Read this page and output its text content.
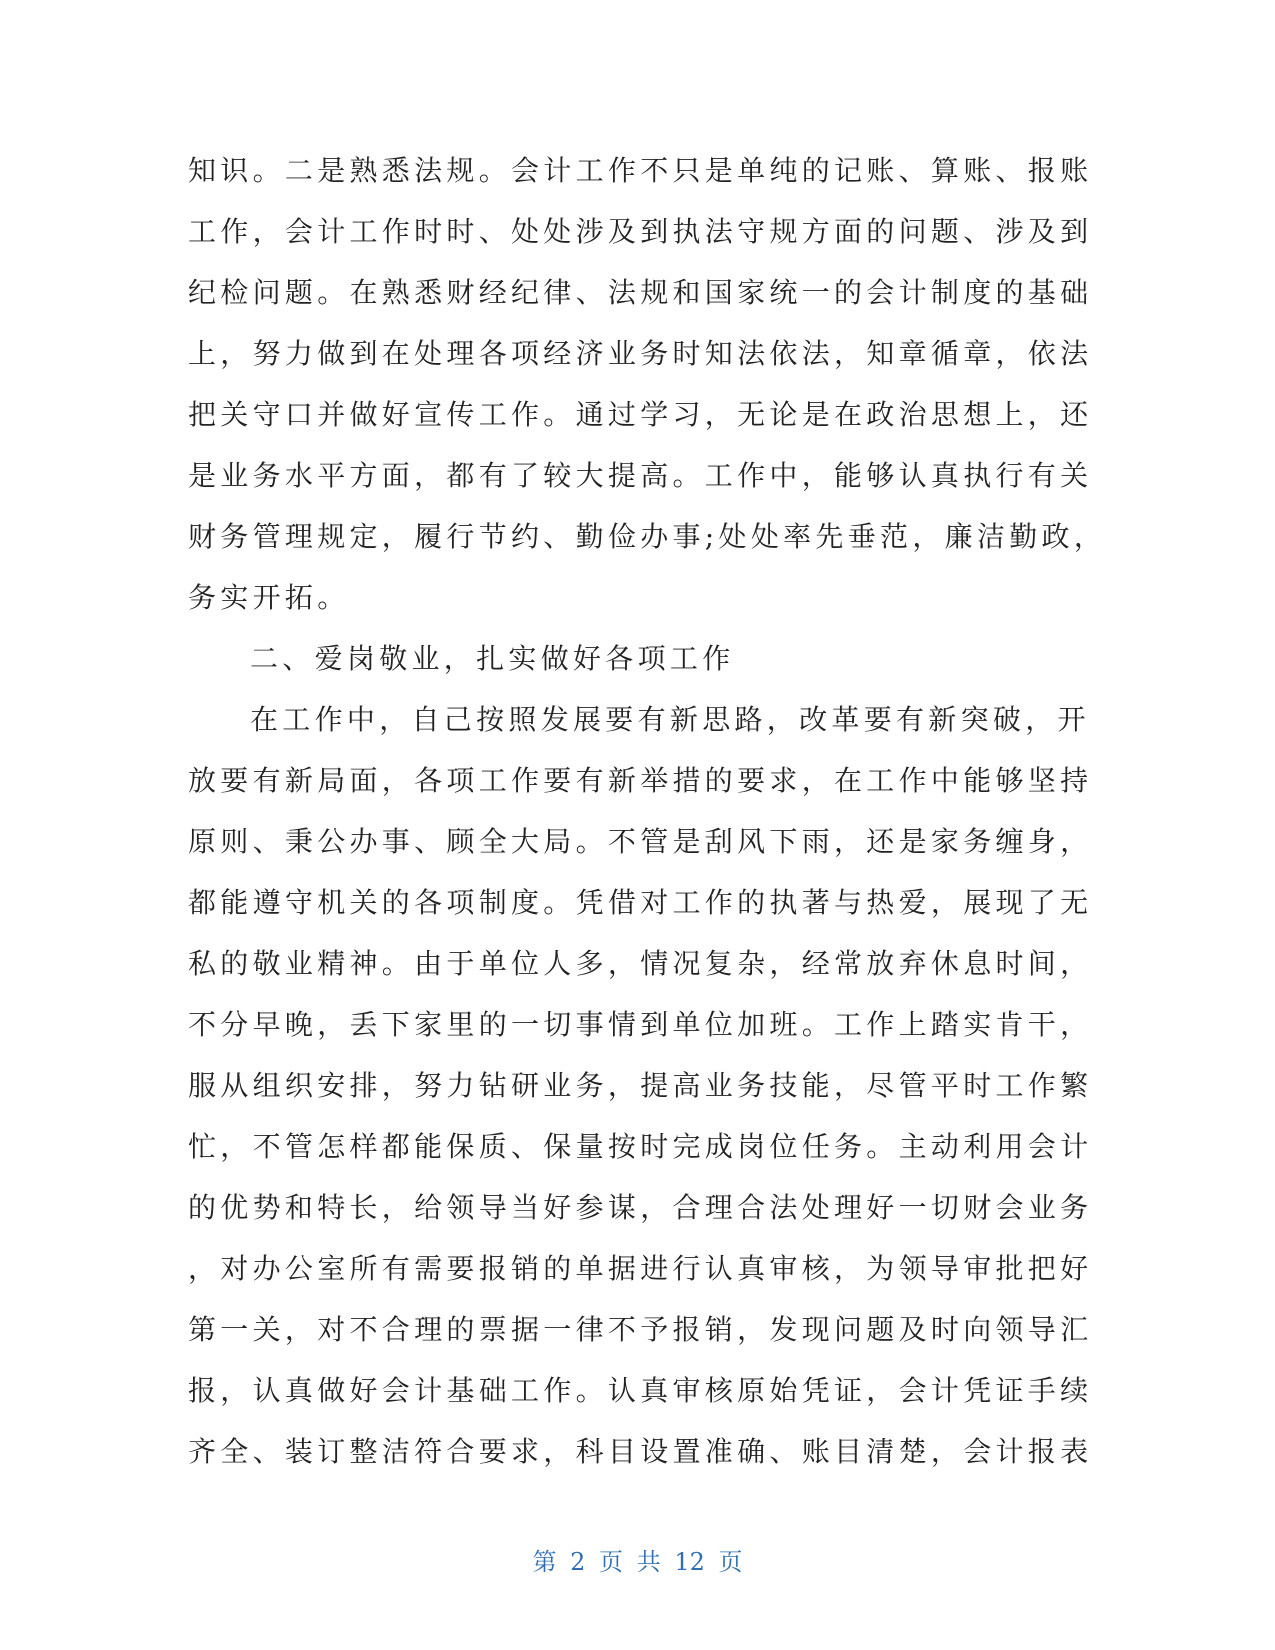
知识。二是熟悉法规。会计工作不只是单纯的记账、算账、报账
工作，会计工作时时、处处涉及到执法守规方面的问题、涉及到
纪检问题。在熟悉财经纪律、法规和国家统一的会计制度的基础
上，努力做到在处理各项经济业务时知法依法，知章循章，依法
把关守口并做好宣传工作。通过学习，无论是在政治思想上，还
是业务水平方面，都有了较大提高。工作中，能够认真执行有关
财务管理规定，履行节约、勤俭办事;处处率先垂范，廉洁勤政，
务实开拓。
二、爱岗敬业，扎实做好各项工作
在工作中，自己按照发展要有新思路，改革要有新突破，开
放要有新局面，各项工作要有新举措的要求，在工作中能够坚持
原则、秉公办事、顾全大局。不管是刮风下雨，还是家务缠身，
都能遵守机关的各项制度。凭借对工作的执著与热爱，展现了无
私的敬业精神。由于单位人多，情况复杂，经常放弃休息时间，
不分早晚，丢下家里的一切事情到单位加班。工作上踏实肯干，
服从组织安排，努力钻研业务，提高业务技能，尽管平时工作繁
忙，不管怎样都能保质、保量按时完成岗位任务。主动利用会计
的优势和特长，给领导当好参谋，合理合法处理好一切财会业务
，对办公室所有需要报销的单据进行认真审核，为领导审批把好
第一关，对不合理的票据一律不予报销，发现问题及时向领导汇
报，认真做好会计基础工作。认真审核原始凭证，会计凭证手续
齐全、装订整洁符合要求，科目设置准确、账目清楚，会计报表
第 2 页 共 12 页
